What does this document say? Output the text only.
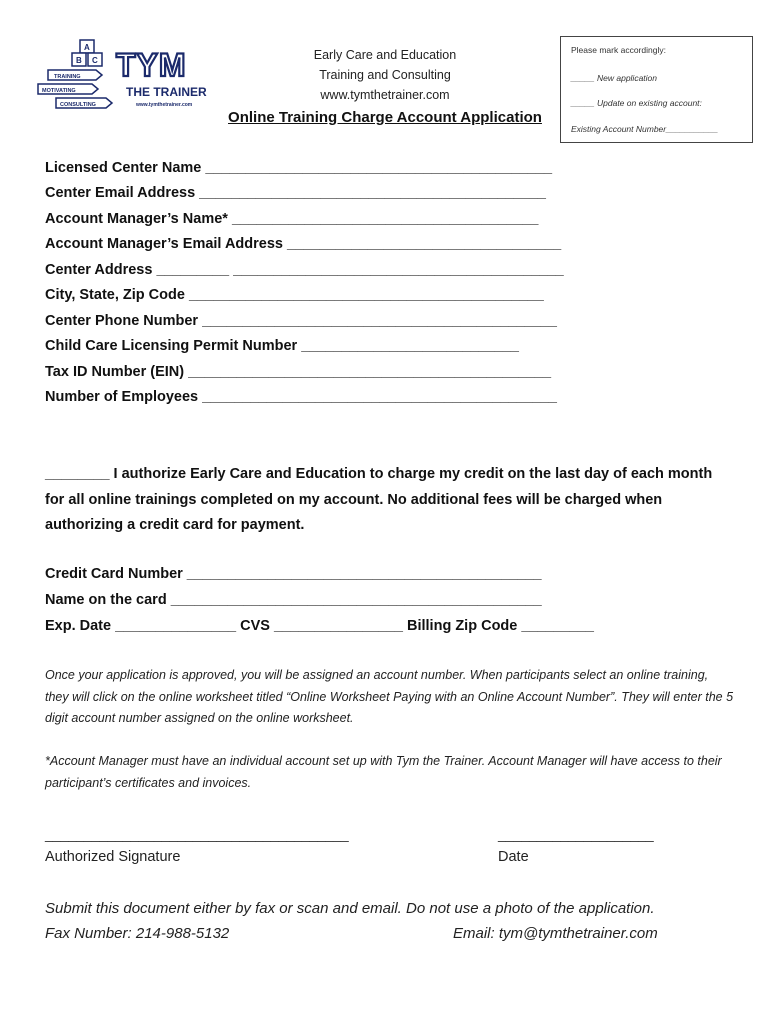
TRAINING
MOTIVATING
CONSULTING
A
B C TYM
THE TRAINER
www.tymthetrainer.com
Early Care and Education
Training and Consulting
www.tymthetrainer.com
Online Training Charge Account Application
Please mark accordingly:
_____ New application
_____ Update on existing account:
Existing Account Number___________
Licensed Center Name ___________________________________________
Center Email Address ___________________________________________
Account Manager’s Name* ______________________________________
Account Manager’s Email Address __________________________________
Center Address _________ _________________________________________
City, State, Zip Code ____________________________________________
Center Phone Number ____________________________________________
Child Care Licensing Permit Number ___________________________
Tax ID Number (EIN) _____________________________________________
Number of Employees ____________________________________________
________ I authorize Early Care and Education to charge my credit on the last day of each month for all online trainings completed on my account. No additional fees will be charged when authorizing a credit card for payment.
Credit Card Number ____________________________________________
Name on the card ______________________________________________
Exp. Date _______________ CVS ________________ Billing Zip Code _________
Once your application is approved, you will be assigned an account number. When participants select an online training, they will click on the online worksheet titled “Online Worksheet Paying with an Online Account Number”. They will enter the 5 digit account number assigned on the online worksheet.
*Account Manager must have an individual account set up with Tym the Trainer. Account Manager will have access to their participant’s certificates and invoices.
_______________________________________
Authorized Signature
____________________
Date
Submit this document either by fax or scan and email. Do not use a photo of the application.
Fax Number: 214-988-5132	Email: tym@tymthetrainer.com
